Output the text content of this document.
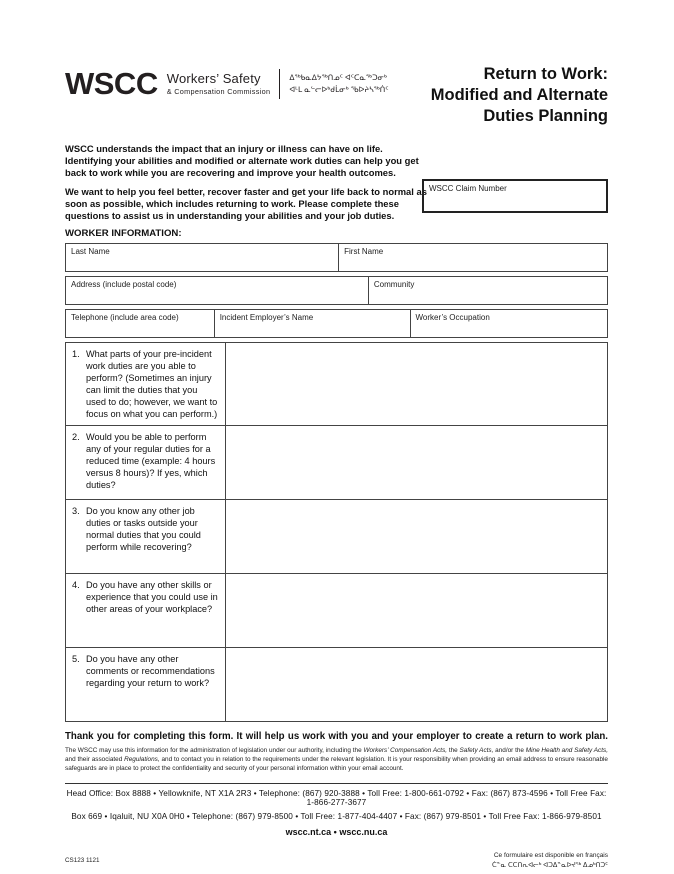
WSCC Workers’ Safety
& Compensation Commission
ᐃᖅᑲᓇᐃᔭᖅᑎᓄᑦ ᐊᑦᑕᓇᖅᑐᓂᒃ
ᐊᒻᒪ ᓇᓪᓕᐅᒃᑯᒫᓂᒃ ᖃᐅᔨᓴᖅᑏᑦ
Return to Work:
Modified and Alternate
Duties Planning

WSCC understands the impact that an injury or illness can have on life. Identifying your abilities and modified or alternate work duties can help you get back to work while you are recovering and improve your health outcomes.

We want to help you feel better, recover faster and get your life back to normal as soon as possible, which includes returning to work. Please complete these questions to assist us in understanding your abilities and your job duties.

WSCC Claim Number
WORKER INFORMATION:
Last Name	First Name
Address (include postal code)	Community
Telephone (include area code)	Incident Employer’s Name	Worker’s Occupation
1. What parts of your pre-incident work duties are you able to perform? (Sometimes an injury can limit the duties that you used to do; however, we want to focus on what you can perform.)	

2. Would you be able to perform any of your regular duties for a reduced time (example: 4 hours versus 8 hours)? If yes, which duties?	

3. Do you know any other job duties or tasks outside your normal duties that you could perform while recovering?	

4. Do you have any other skills or experience that you could use in other areas of your workplace?	

5. Do you have any other comments or recommendations regarding your return to work?	

Thank you for completing this form. It will help us work with you and your employer to create a return to work plan.
The WSCC may use this information for the administration of legislation under our authority, including the Workers’ Compensation Acts, the Safety Acts, and/or the Mine Health and Safety Acts, and their associated Regulations, and to contact you in relation to the requirements under the relevant legislation. It is your responsibility when providing an email address to ensure reasonable safeguards are in place to protect the confidentiality and security of your personal information within your email account.
Head Office: Box 8888 • Yellowknife, NT X1A 2R3 • Telephone: (867) 920-3888 • Toll Free: 1-800-661-0792 • Fax: (867) 873-4596 • Toll Free Fax: 1-866-277-3677
Box 669 • Iqaluit, NU X0A 0H0 • Telephone: (867) 979-8500 • Toll Free: 1-877-404-4407 • Fax: (867) 979-8501 • Toll Free Fax: 1-866-979-8501
wscc.nt.ca • wscc.nu.ca
CS123 1121
Ce formulaire est disponible en français
ᑖᓐᓇ ᑕᑕᑎᕆᐊᓕᒃ ᐊᑐᐃᓐᓇᐅᔪᖅ ᐃᓄᒃᑎᑐᑦ
